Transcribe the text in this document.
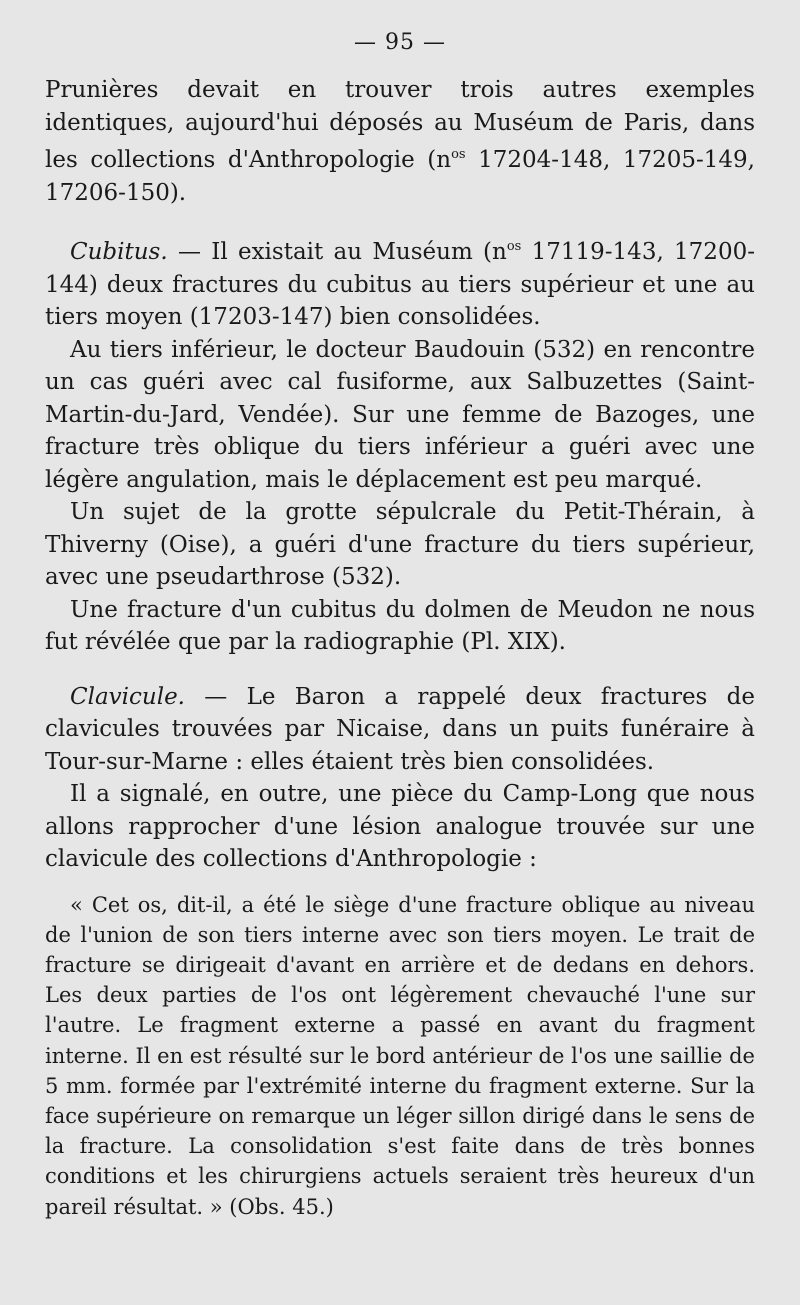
— 95 —

Prunières devait en trouver trois autres exemples identiques, aujourd'hui déposés au Muséum de Paris, dans les collections d'Anthropologie ($n^{os}$ 17204-148, 17205-149, 17206-150).

Cubitus. — Il existait au Muséum ($n^{os}$ 17119-143, 17200-144) deux fractures du cubitus au tiers supérieur et une au tiers moyen (17203-147) bien consolidées.

Au tiers inférieur, le docteur Baudouin (532) en rencontre un cas guéri avec cal fusiforme, aux Salbuzettes (Saint-Martin-du-Jard, Vendée). Sur une femme de Bazoges, une fracture très oblique du tiers inférieur a guéri avec une légère angulation, mais le déplacement est peu marqué.

Un sujet de la grotte sépulcrale du Petit-Thérain, à Thiverny (Oise), a guéri d'une fracture du tiers supérieur, avec une pseudarthrose (532).

Une fracture d'un cubitus du dolmen de Meudon ne nous fut révélée que par la radiographie (Pl. XIX).

Clavicule. — Le Baron a rappelé deux fractures de clavicules trouvées par Nicaise, dans un puits funéraire à Tour-sur-Marne : elles étaient très bien consolidées.

Il a signalé, en outre, une pièce du Camp-Long que nous allons rapprocher d'une lésion analogue trouvée sur une clavicule des collections d'Anthropologie :

« Cet os, dit-il, a été le siège d'une fracture oblique au niveau de l'union de son tiers interne avec son tiers moyen. Le trait de fracture se dirigeait d'avant en arrière et de dedans en dehors. Les deux parties de l'os ont légèrement chevauché l'une sur l'autre. Le fragment externe a passé en avant du fragment interne. Il en est résulté sur le bord antérieur de l'os une saillie de 5 mm. formée par l'extrémité interne du fragment externe. Sur la face supérieure on remarque un léger sillon dirigé dans le sens de la fracture. La consolidation s'est faite dans de très bonnes conditions et les chirurgiens actuels seraient très heureux d'un pareil résultat. » (Obs. 45.)
